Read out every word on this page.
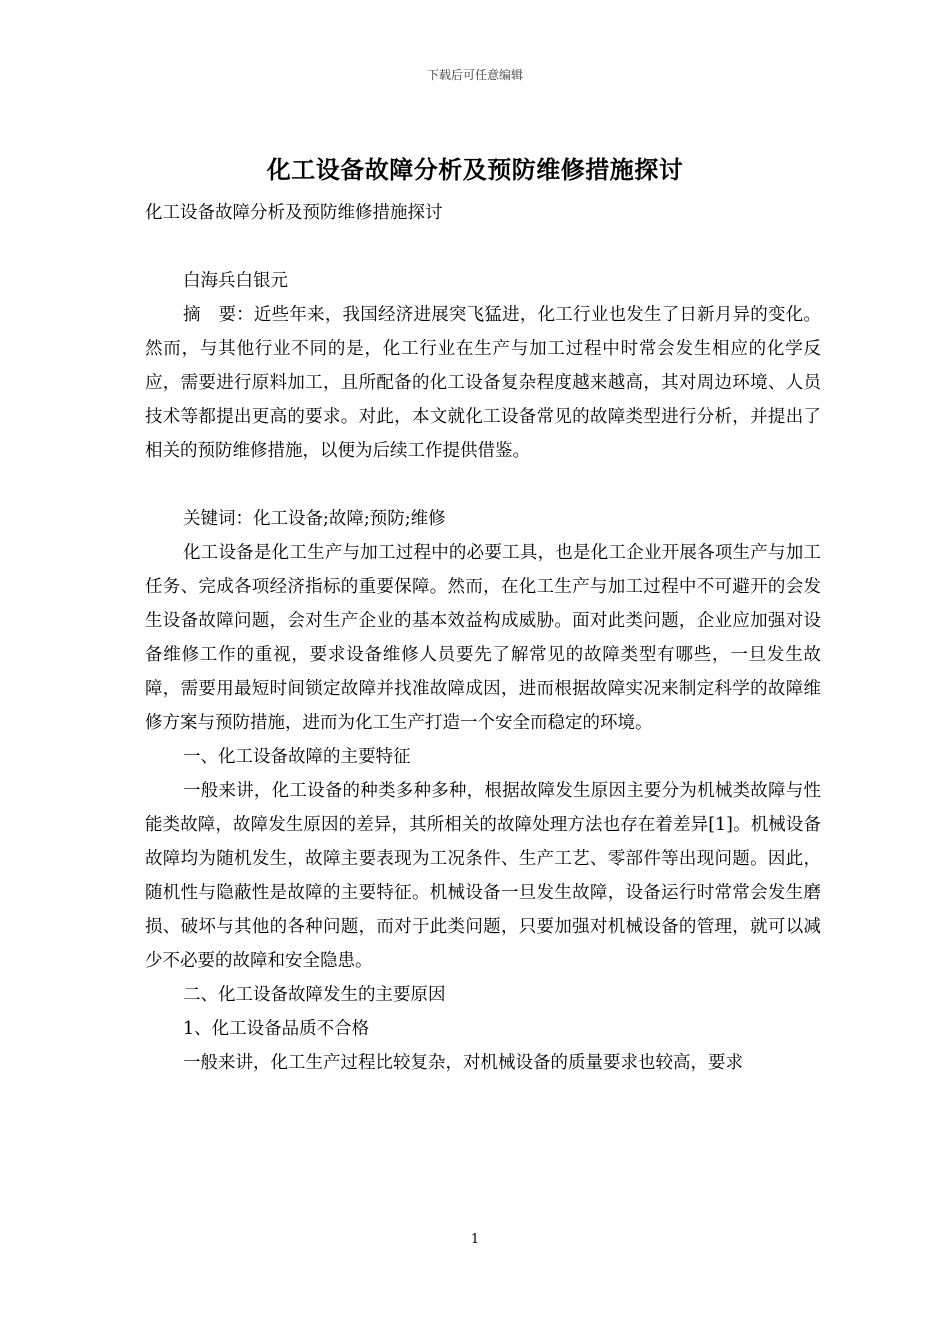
下载后可任意编辑
化工设备故障分析及预防维修措施探讨

化工设备故障分析及预防维修措施探讨

白海兵白银元

摘　要：近些年来，我国经济进展突飞猛进，化工行业也发生了日新月异的变化。然而，与其他行业不同的是，化工行业在生产与加工过程中时常会发生相应的化学反应，需要进行原料加工，且所配备的化工设备复杂程度越来越高，其对周边环境、人员技术等都提出更高的要求。对此，本文就化工设备常见的故障类型进行分析，并提出了相关的预防维修措施，以便为后续工作提供借鉴。

关键词：化工设备;故障;预防;维修

化工设备是化工生产与加工过程中的必要工具，也是化工企业开展各项生产与加工任务、完成各项经济指标的重要保障。然而，在化工生产与加工过程中不可避开的会发生设备故障问题，会对生产企业的基本效益构成威胁。面对此类问题，企业应加强对设备维修工作的重视，要求设备维修人员要先了解常见的故障类型有哪些，一旦发生故障，需要用最短时间锁定故障并找准故障成因，进而根据故障实况来制定科学的故障维修方案与预防措施，进而为化工生产打造一个安全而稳定的环境。

一、化工设备故障的主要特征

一般来讲，化工设备的种类多种多种，根据故障发生原因主要分为机械类故障与性能类故障，故障发生原因的差异，其所相关的故障处理方法也存在着差异[1]。机械设备故障均为随机发生，故障主要表现为工况条件、生产工艺、零部件等出现问题。因此，随机性与隐蔽性是故障的主要特征。机械设备一旦发生故障，设备运行时常常会发生磨损、破坏与其他的各种问题，而对于此类问题，只要加强对机械设备的管理，就可以减少不必要的故障和安全隐患。

二、化工设备故障发生的主要原因

1、化工设备品质不合格

一般来讲，化工生产过程比较复杂，对机械设备的质量要求也较高，要求

1
